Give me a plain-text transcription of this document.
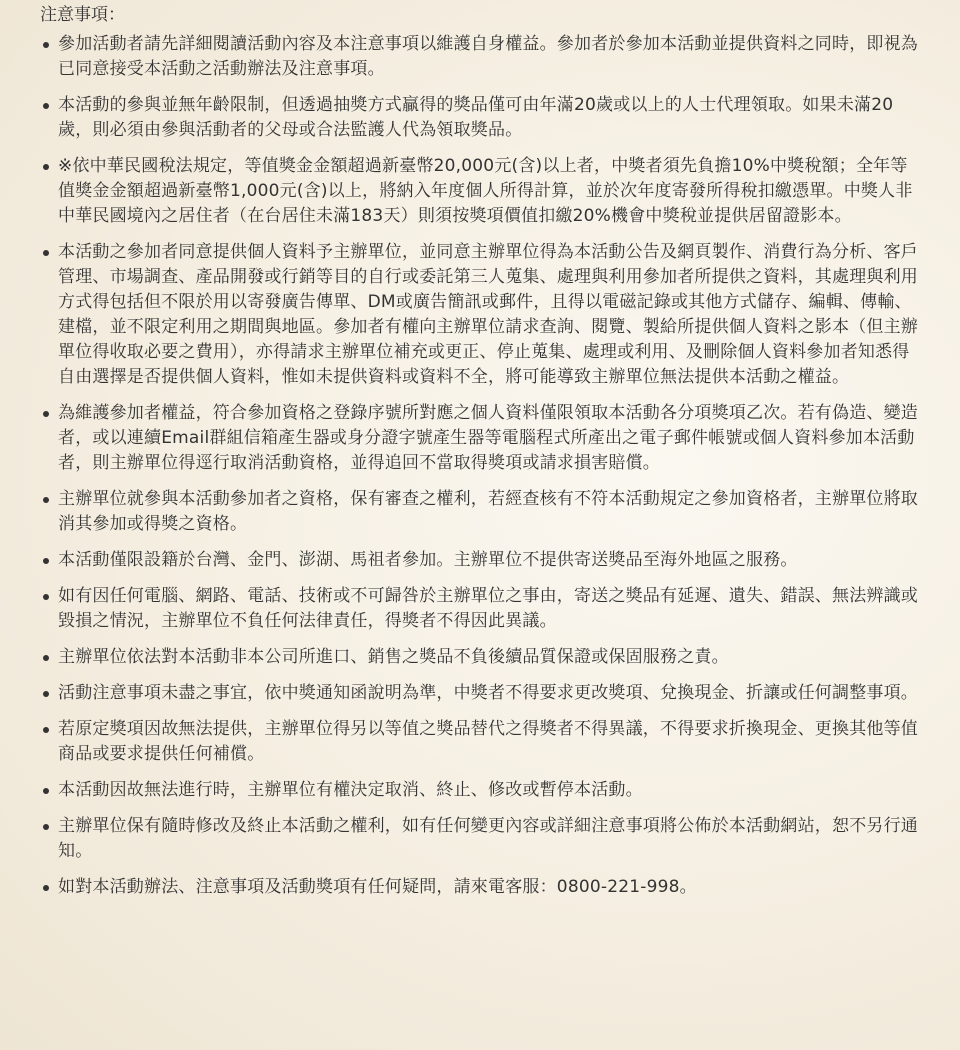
注意事項：
參加活動者請先詳細閱讀活動內容及本注意事項以維護自身權益。參加者於參加本活動並提供資料之同時，即視為已同意接受本活動之活動辦法及注意事項。
本活動的參與並無年齡限制，但透過抽獎方式贏得的獎品僅可由年滿20歲或以上的人士代理領取。如果未滿20歲，則必須由參與活動者的父母或合法監護人代為領取獎品。
※依中華民國稅法規定，等值獎金金額超過新臺幣20,000元(含)以上者，中獎者須先負擔10%中獎稅額；全年等值獎金金額超過新臺幣1,000元(含)以上，將納入年度個人所得計算，並於次年度寄發所得稅扣繳憑單。中獎人非中華民國境內之居住者（在台居住未滿183天）則須按獎項價值扣繳20%機會中獎稅並提供居留證影本。
本活動之參加者同意提供個人資料予主辦單位，並同意主辦單位得為本活動公告及網頁製作、消費行為分析、客戶管理、市場調查、產品開發或行銷等目的自行或委託第三人蒐集、處理與利用參加者所提供之資料，其處理與利用方式得包括但不限於用以寄發廣告傳單、DM或廣告簡訊或郵件，且得以電磁記錄或其他方式儲存、編輯、傳輸、建檔，並不限定利用之期間與地區。參加者有權向主辦單位請求查詢、閱覽、製給所提供個人資料之影本（但主辦單位得收取必要之費用），亦得請求主辦單位補充或更正、停止蒐集、處理或利用、及刪除個人資料參加者知悉得自由選擇是否提供個人資料，惟如未提供資料或資料不全，將可能導致主辦單位無法提供本活動之權益。
為維護參加者權益，符合參加資格之登錄序號所對應之個人資料僅限領取本活動各分項獎項乙次。若有偽造、變造者，或以連續Email群組信箱產生器或身分證字號產生器等電腦程式所產出之電子郵件帳號或個人資料參加本活動者，則主辦單位得逕行取消活動資格，並得追回不當取得獎項或請求損害賠償。
主辦單位就參與本活動參加者之資格，保有審查之權利，若經查核有不符本活動規定之參加資格者，主辦單位將取消其參加或得獎之資格。
本活動僅限設籍於台灣、金門、澎湖、馬祖者參加。主辦單位不提供寄送獎品至海外地區之服務。
如有因任何電腦、網路、電話、技術或不可歸咎於主辦單位之事由，寄送之獎品有延遲、遺失、錯誤、無法辨識或毀損之情況，主辦單位不負任何法律責任，得獎者不得因此異議。
主辦單位依法對本活動非本公司所進口、銷售之獎品不負後續品質保證或保固服務之責。
活動注意事項未盡之事宜，依中獎通知函說明為準，中獎者不得要求更改獎項、兌換現金、折讓或任何調整事項。
若原定獎項因故無法提供，主辦單位得另以等值之獎品替代之得獎者不得異議，不得要求折換現金、更換其他等值商品或要求提供任何補償。
本活動因故無法進行時，主辦單位有權決定取消、終止、修改或暫停本活動。
主辦單位保有隨時修改及終止本活動之權利，如有任何變更內容或詳細注意事項將公佈於本活動網站，恕不另行通知。
如對本活動辦法、注意事項及活動獎項有任何疑問，請來電客服：0800-221-998。
